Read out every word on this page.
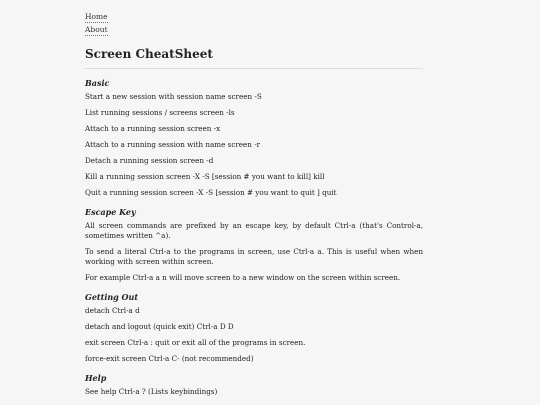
Home
About
Screen CheatSheet
Basic

Start a new session with session name screen -S

List running sessions / screens screen -ls

Attach to a running session screen -x

Attach to a running session with name screen -r

Detach a running session screen -d

Kill a running session screen -X -S [session # you want to kill] kill

Quit a running session screen -X -S [session # you want to quit ] quit

Escape Key

All screen commands are prefixed by an escape key, by default Ctrl-a (that's Control-a, sometimes written ^a).

To send a literal Ctrl-a to the programs in screen, use Ctrl-a a. This is useful when when working with screen within screen.

For example Ctrl-a a n will move screen to a new window on the screen within screen.

Getting Out

detach Ctrl-a d

detach and logout (quick exit) Ctrl-a D D

exit screen Ctrl-a : quit or exit all of the programs in screen.

force-exit screen Ctrl-a C- (not recommended)

Help

See help Ctrl-a ? (Lists keybindings)
